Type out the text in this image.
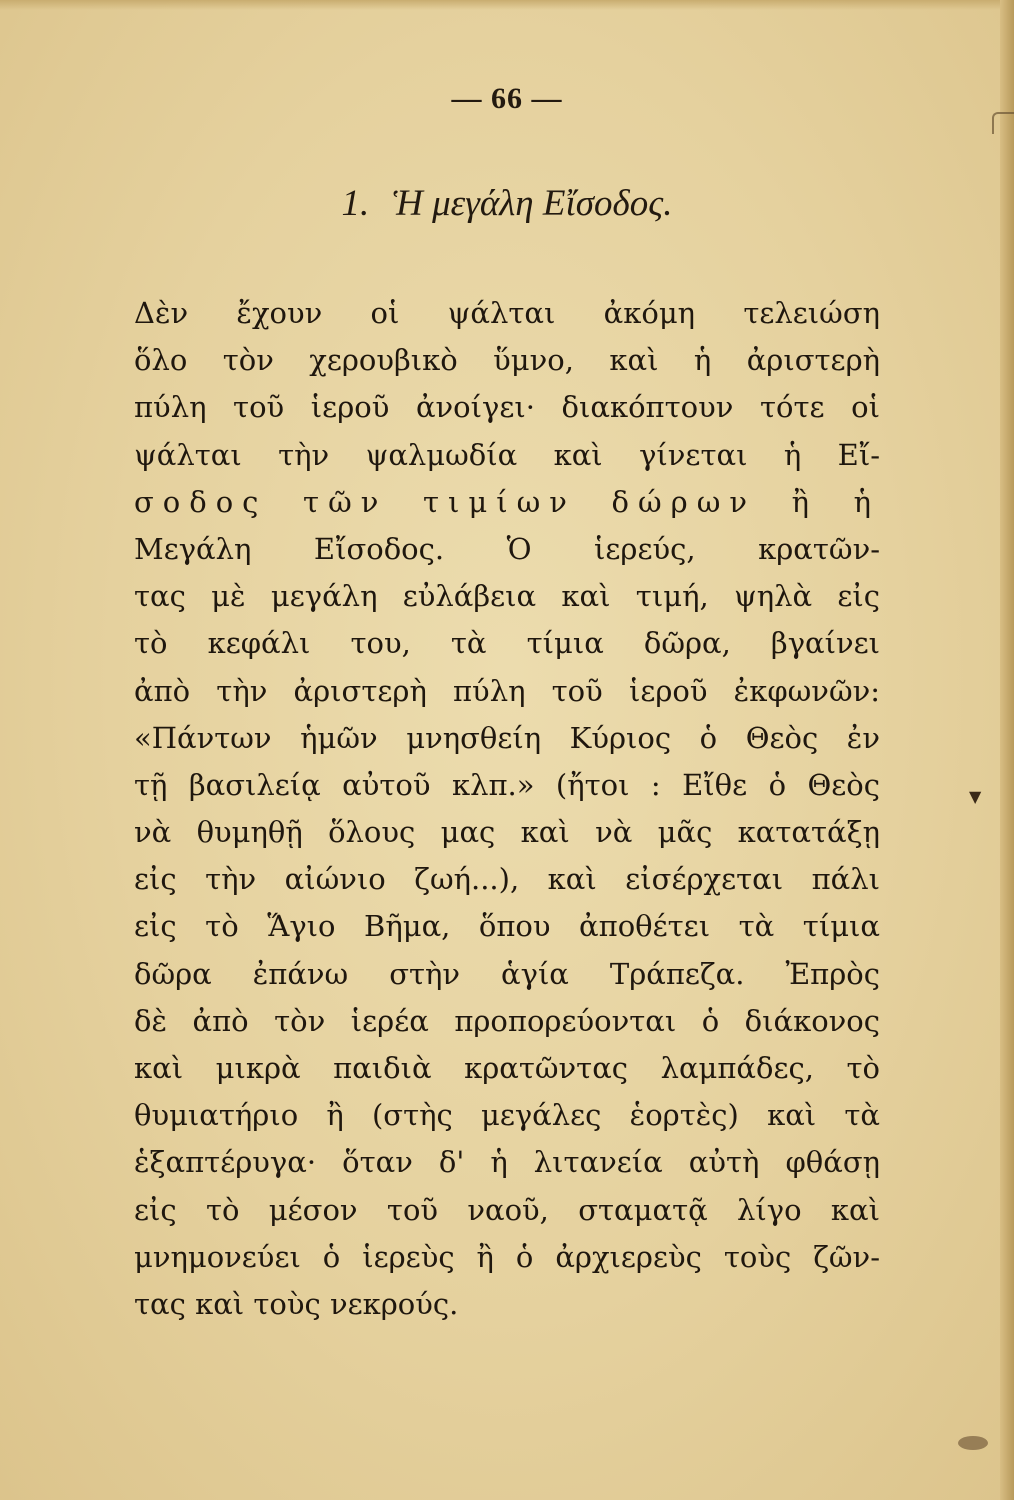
— 66 —
1. Ἡ μεγάλη Εἴσοδος.
Δὲν ἔχουν οἱ ψάλται ἀκόμη τελειώση
ὅλο τὸν χερουβικὸ ὕμνο, καὶ ἡ ἀριστερὴ
πύλη τοῦ ἱεροῦ ἀνοίγει· διακόπτουν τότε οἱ
ψάλται τὴν ψαλμωδία καὶ γίνεται ἡ Εἴ-
σοδος τῶν τιμίων δώρων ἢ ἡ
Μεγάλη Εἴσοδος. Ὁ ἱερεύς, κρατῶν-
τας μὲ μεγάλη εὐλάβεια καὶ τιμή, ψηλὰ εἰς
τὸ κεφάλι του, τὰ τίμια δῶρα, βγαίνει
ἀπὸ τὴν ἀριστερὴ πύλη τοῦ ἱεροῦ ἐκφωνῶν:
«Πάντων ἡμῶν μνησθείη Κύριος ὁ Θεὸς ἐν
τῇ βασιλείᾳ αὐτοῦ κλπ.» (ἤτοι : Εἴθε ὁ Θεὸς
νὰ θυμηθῇ ὅλους μας καὶ νὰ μᾶς κατατάξῃ
εἰς τὴν αἰώνιο ζωή...), καὶ εἰσέρχεται πάλι
εἰς τὸ Ἅγιο Βῆμα, ὅπου ἀποθέτει τὰ τίμια
δῶρα ἐπάνω στὴν ἁγία Τράπεζα. Ἐπρὸς
δὲ ἀπὸ τὸν ἱερέα προπορεύονται ὁ διάκονος
καὶ μικρὰ παιδιὰ κρατῶντας λαμπάδες, τὸ
θυμιατήριο ἢ (στὴς μεγάλες ἑορτὲς) καὶ τὰ
ἑξαπτέρυγα· ὅταν δ' ἡ λιτανεία αὐτὴ φθάσῃ
εἰς τὸ μέσον τοῦ ναοῦ, σταματᾷ λίγο καὶ
μνημονεύει ὁ ἱερεὺς ἢ ὁ ἀρχιερεὺς τοὺς ζῶν-
τας καὶ τοὺς νεκρούς.
▼
